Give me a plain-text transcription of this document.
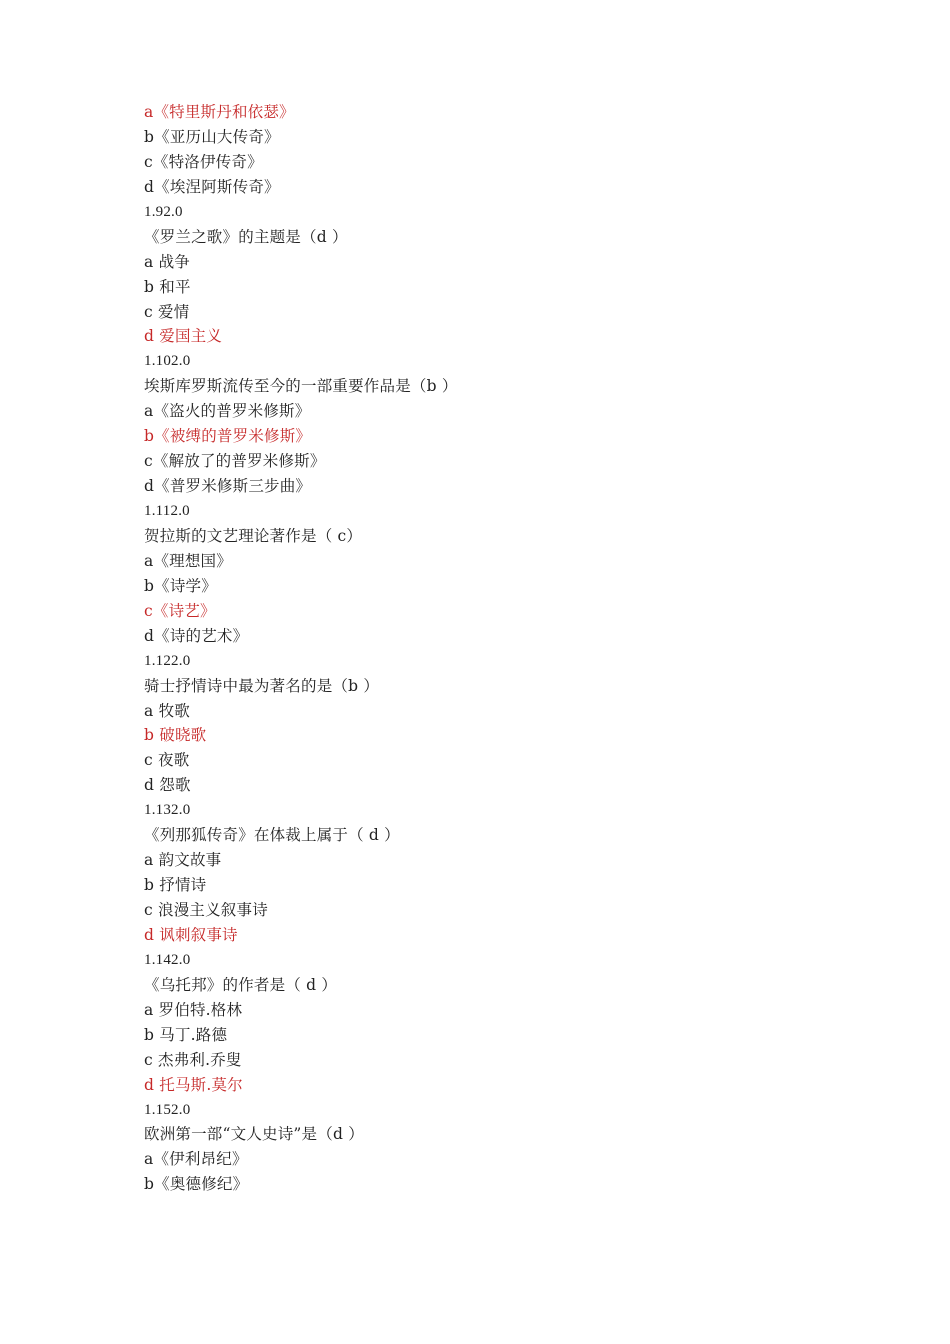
a《特里斯丹和依瑟》
b《亚历山大传奇》
c《特洛伊传奇》
d《埃涅阿斯传奇》
1.92.0
《罗兰之歌》的主题是（d ）
a 战争
b 和平
c 爱情
d 爱国主义
1.102.0
埃斯库罗斯流传至今的一部重要作品是（b ）
a《盗火的普罗米修斯》
b《被缚的普罗米修斯》
c《解放了的普罗米修斯》
d《普罗米修斯三步曲》
1.112.0
贺拉斯的文艺理论著作是（ c）
a《理想国》
b《诗学》
c《诗艺》
d《诗的艺术》
1.122.0
骑士抒情诗中最为著名的是（b ）
a 牧歌
b 破晓歌
c 夜歌
d 怨歌
1.132.0
《列那狐传奇》在体裁上属于（ d ）
a 韵文故事
b 抒情诗
c 浪漫主义叙事诗
d 讽刺叙事诗
1.142.0
《乌托邦》的作者是（ d ）
a 罗伯特.格林
b 马丁.路德
c 杰弗利.乔叟
d 托马斯.莫尔
1.152.0
欧洲第一部“文人史诗”是（d ）
a《伊利昂纪》
b《奥德修纪》
